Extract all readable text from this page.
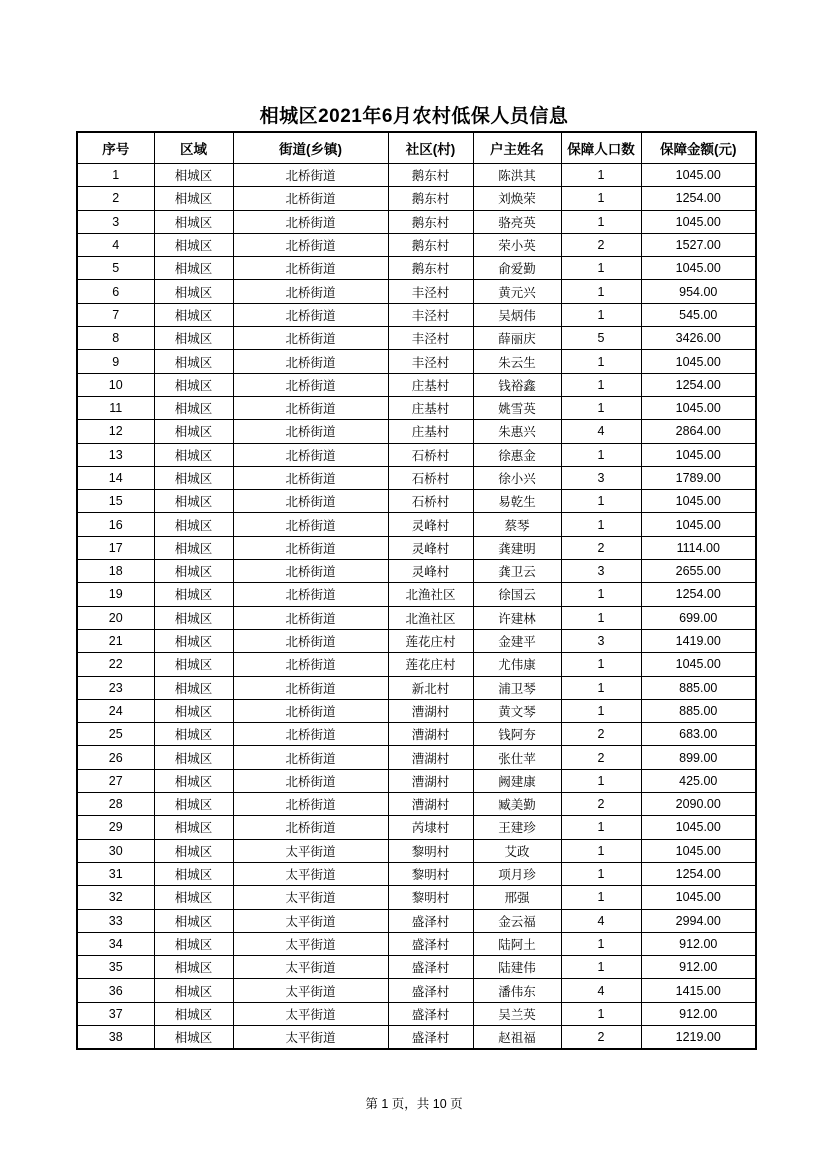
相城区2021年6月农村低保人员信息
序号	区域	街道(乡镇)	社区(村)	户主姓名	保障人口数	保障金额(元)
1	相城区	北桥街道	鹅东村	陈洪其	1	1045.00
2	相城区	北桥街道	鹅东村	刘焕荣	1	1254.00
3	相城区	北桥街道	鹅东村	骆亮英	1	1045.00
4	相城区	北桥街道	鹅东村	荣小英	2	1527.00
5	相城区	北桥街道	鹅东村	俞爱勤	1	1045.00
6	相城区	北桥街道	丰泾村	黄元兴	1	954.00
7	相城区	北桥街道	丰泾村	吴炳伟	1	545.00
8	相城区	北桥街道	丰泾村	薛丽庆	5	3426.00
9	相城区	北桥街道	丰泾村	朱云生	1	1045.00
10	相城区	北桥街道	庄基村	钱裕鑫	1	1254.00
11	相城区	北桥街道	庄基村	姚雪英	1	1045.00
12	相城区	北桥街道	庄基村	朱惠兴	4	2864.00
13	相城区	北桥街道	石桥村	徐惠金	1	1045.00
14	相城区	北桥街道	石桥村	徐小兴	3	1789.00
15	相城区	北桥街道	石桥村	易乾生	1	1045.00
16	相城区	北桥街道	灵峰村	蔡琴	1	1045.00
17	相城区	北桥街道	灵峰村	龚建明	2	1114.00
18	相城区	北桥街道	灵峰村	龚卫云	3	2655.00
19	相城区	北桥街道	北渔社区	徐国云	1	1254.00
20	相城区	北桥街道	北渔社区	许建林	1	699.00
21	相城区	北桥街道	莲花庄村	金建平	3	1419.00
22	相城区	北桥街道	莲花庄村	尤伟康	1	1045.00
23	相城区	北桥街道	新北村	浦卫琴	1	885.00
24	相城区	北桥街道	漕湖村	黄文琴	1	885.00
25	相城区	北桥街道	漕湖村	钱阿夯	2	683.00
26	相城区	北桥街道	漕湖村	张仕苹	2	899.00
27	相城区	北桥街道	漕湖村	阙建康	1	425.00
28	相城区	北桥街道	漕湖村	臧美勤	2	2090.00
29	相城区	北桥街道	芮埭村	王建珍	1	1045.00
30	相城区	太平街道	黎明村	艾政	1	1045.00
31	相城区	太平街道	黎明村	项月珍	1	1254.00
32	相城区	太平街道	黎明村	邢强	1	1045.00
33	相城区	太平街道	盛泽村	金云福	4	2994.00
34	相城区	太平街道	盛泽村	陆阿土	1	912.00
35	相城区	太平街道	盛泽村	陆建伟	1	912.00
36	相城区	太平街道	盛泽村	潘伟东	4	1415.00
37	相城区	太平街道	盛泽村	吴兰英	1	912.00
38	相城区	太平街道	盛泽村	赵祖福	2	1219.00
第 1 页，共 10 页
